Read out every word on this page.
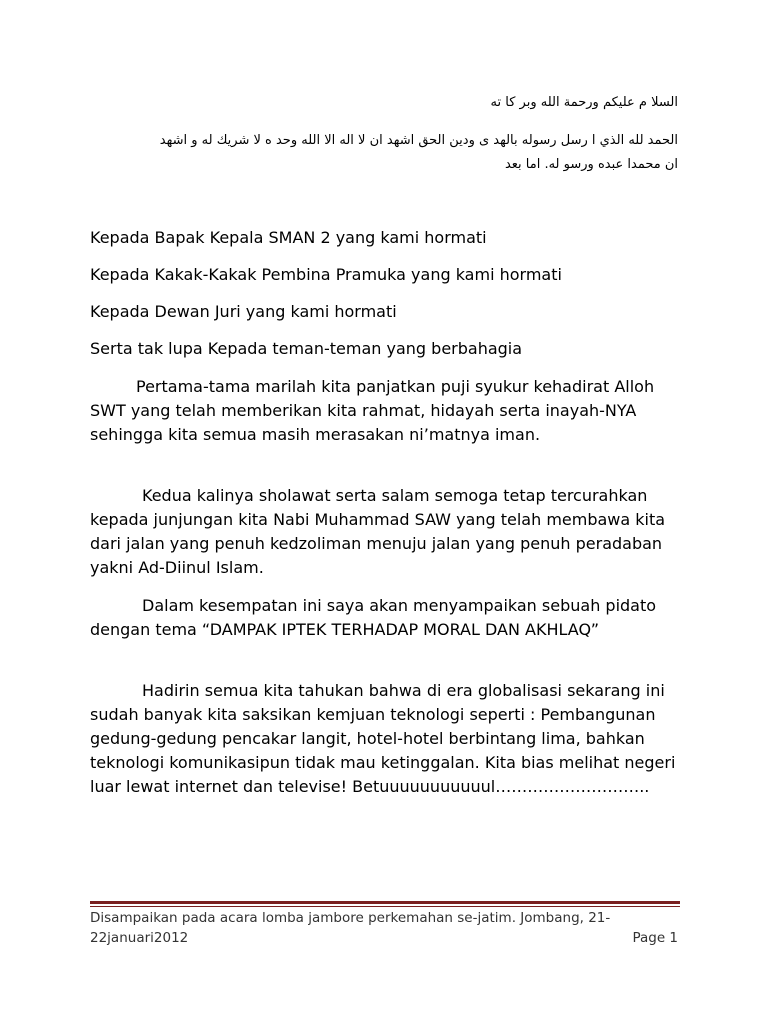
السلا م عليكم ورحمة الله وبر كا ته
الحمد لله الذي ا رسل رسوله بالهد ى ودين الحق اشهد ان لا اله الا الله وحد ه لا شريك له و اشهد
ان محمدا عبده ورسو له. اما بعد
Kepada Bapak Kepala SMAN 2 yang kami hormati
Kepada Kakak-Kakak Pembina Pramuka yang kami hormati
Kepada Dewan Juri yang kami hormati
Serta tak lupa Kepada teman-teman yang berbahagia

Pertama-tama marilah kita panjatkan puji syukur kehadirat Alloh SWT yang telah memberikan kita rahmat, hidayah serta inayah-NYA sehingga kita semua masih merasakan ni’matnya iman.

Kedua kalinya sholawat serta salam semoga tetap tercurahkan kepada junjungan kita Nabi Muhammad SAW yang telah membawa kita dari jalan yang penuh kedzoliman menuju jalan yang penuh peradaban yakni Ad-Diinul Islam.

Dalam kesempatan ini saya akan menyampaikan sebuah pidato dengan tema “DAMPAK IPTEK TERHADAP MORAL DAN AKHLAQ”

Hadirin semua kita tahukan bahwa di era globalisasi sekarang ini sudah banyak kita saksikan kemjuan teknologi seperti : Pembangunan gedung-gedung pencakar langit, hotel-hotel berbintang lima, bahkan teknologi komunikasipun tidak mau ketinggalan. Kita bias melihat negeri luar lewat internet dan televise! Betuuuuuuuuuuul………………………..

Disampaikan pada acara lomba jambore perkemahan se-jatim. Jombang, 21-22januari2012	Page 1
